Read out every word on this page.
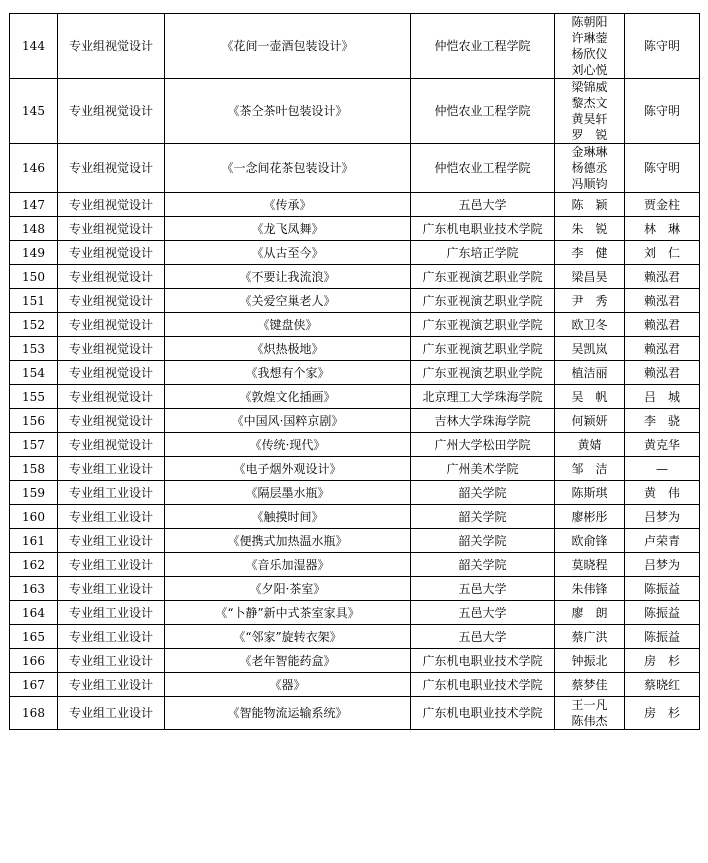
144	专业组视觉设计	《花间一壶酒包装设计》	仲恺农业工程学院	陈朝阳
许琳蓥
杨欣仪
刘心悦	陈守明
145	专业组视觉设计	《茶仝茶叶包装设计》	仲恺农业工程学院	梁锦威
黎杰文
黄昊轩
罗　锐	陈守明
146	专业组视觉设计	《一念间花茶包装设计》	仲恺农业工程学院	金琳琳
杨德丞
冯顺钧	陈守明
147	专业组视觉设计	《传承》	五邑大学	陈　颖	贾金柱
148	专业组视觉设计	《龙飞凤舞》	广东机电职业技术学院	朱　锐	林　琳
149	专业组视觉设计	《从古至今》	广东培正学院	李　健	刘　仁
150	专业组视觉设计	《不要让我流浪》	广东亚视演艺职业学院	梁昌昊	赖泓君
151	专业组视觉设计	《关爱空巢老人》	广东亚视演艺职业学院	尹　秀	赖泓君
152	专业组视觉设计	《键盘侠》	广东亚视演艺职业学院	欧卫冬	赖泓君
153	专业组视觉设计	《炽热极地》	广东亚视演艺职业学院	吴凯岚	赖泓君
154	专业组视觉设计	《我想有个家》	广东亚视演艺职业学院	植洁丽	赖泓君
155	专业组视觉设计	《敦煌文化插画》	北京理工大学珠海学院	吴　帆	吕　城
156	专业组视觉设计	《中国风·国粹京剧》	吉林大学珠海学院	何颖妍	李　骁
157	专业组视觉设计	《传统·现代》	广州大学松田学院	黄婧	黄克华
158	专业组工业设计	《电子烟外观设计》	广州美术学院	邹　洁	—
159	专业组工业设计	《隔层墨水瓶》	韶关学院	陈斯琪	黄　伟
160	专业组工业设计	《触摸时间》	韶关学院	廖彬彤	吕梦为
161	专业组工业设计	《便携式加热温水瓶》	韶关学院	欧俞锋	卢荣青
162	专业组工业设计	《音乐加湿器》	韶关学院	莫晓程	吕梦为
163	专业组工业设计	《夕阳·茶室》	五邑大学	朱伟锋	陈振益
164	专业组工业设计	《“卜静”新中式茶室家具》	五邑大学	廖　朗	陈振益
165	专业组工业设计	《“邻家”旋转衣架》	五邑大学	蔡广洪	陈振益
166	专业组工业设计	《老年智能药盒》	广东机电职业技术学院	钟振北	房　杉
167	专业组工业设计	《器》	广东机电职业技术学院	蔡梦佳	蔡晓红
168	专业组工业设计	《智能物流运输系统》	广东机电职业技术学院	王一凡
陈伟杰	房　杉
